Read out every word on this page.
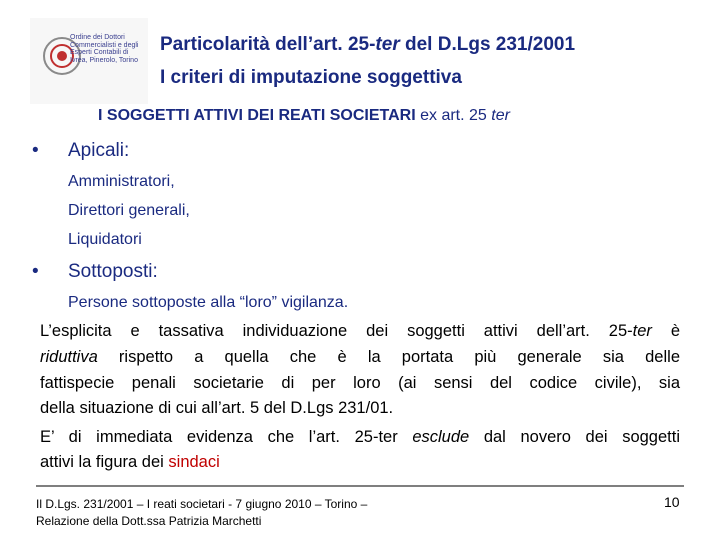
Ordine dei Dottori Commercialisti e degli Esperti Contabili di Ivrea, Pinerolo, Torino
Particolarità dell’art. 25-ter del D.Lgs 231/2001
I criteri di imputazione soggettiva
I SOGGETTI ATTIVI DEI REATI SOCIETARI ex art. 25 ter
• Apicali:
Amministratori,
Direttori generali,
Liquidatori
• Sottoposti:
Persone sottoposte alla “loro” vigilanza.
L’esplicita e tassativa individuazione dei soggetti attivi dell’art. 25-ter è
riduttiva rispetto a quella che è la portata più generale sia delle
fattispecie penali societarie di per loro (ai sensi del codice civile), sia
della situazione di cui all’art. 5 del D.Lgs 231/01.
E’ di immediata evidenza che l’art. 25-ter esclude dal novero dei soggetti
attivi la figura dei sindaci
Il D.Lgs. 231/2001 – I reati societari - 7 giugno 2010 – Torino –
Relazione della Dott.ssa Patrizia Marchetti
10
